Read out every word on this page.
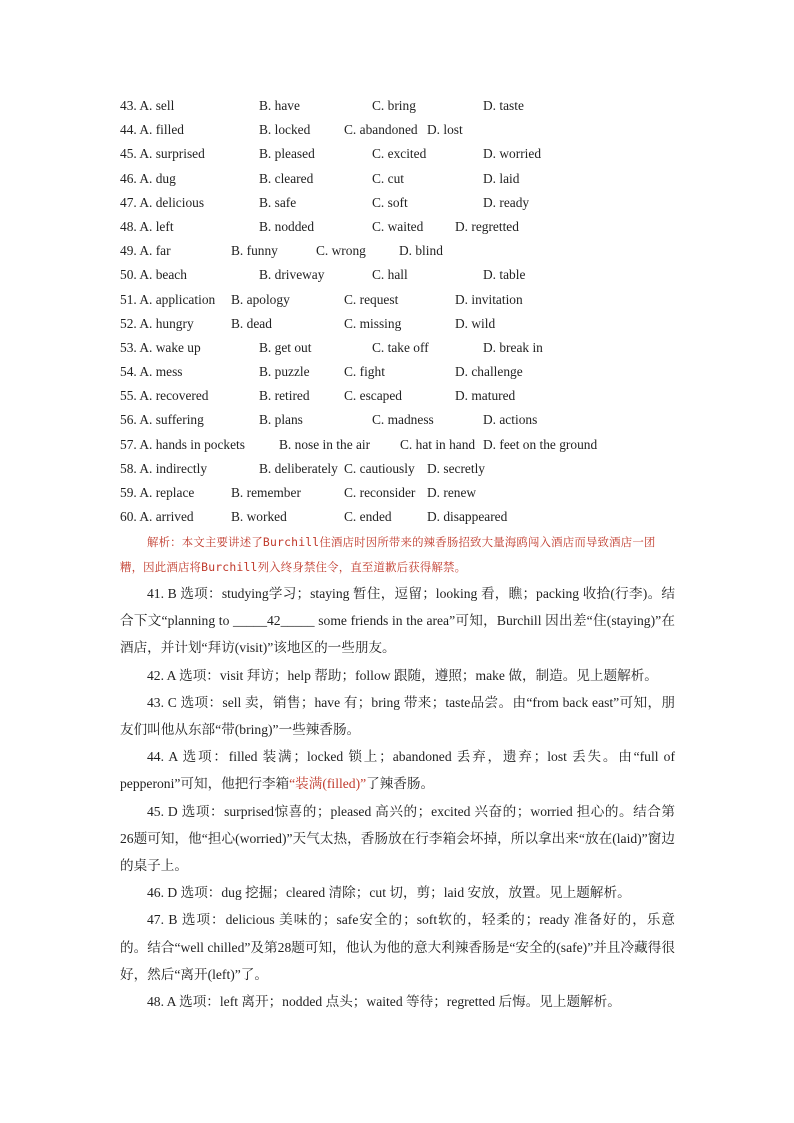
43. A. sell	B. have	C. bring	D. taste
44. A. filled	B. locked	C. abandoned D. lost
45. A. surprised	B. pleased	C. excited	D. worried
46. A. dug	B. cleared	C. cut	D. laid
47. A. delicious	B. safe	C. soft	D. ready
48. A. left	B. nodded	C. waited D. regretted
49. A. far	B. funny	C. wrong D. blind
50. A. beach	B. driveway	C. hall	D. table
51. A. application B. apology	C. request	D. invitation
52. A. hungry	B. dead	C. missing	D. wild
53. A. wake up	B. get out	C. take off	D. break in
54. A. mess	B. puzzle	C. fight	D. challenge
55. A. recovered	B. retired	C. escaped	D. matured
56. A. suffering	B. plans	C. madness	D. actions
57. A. hands in pockets	B. nose in the air C. hat in hand D. feet on the ground
58. A. indirectly	B. deliberately C. cautiously D. secretly
59. A. replace	B. remember	C. reconsider D. renew
60. A. arrived	B. worked	C. ended	D. disappeared
解析：本文主要讲述了Burchill住酒店时因所带来的辣香肠招致大量海鸥闯入酒店而导致酒店一团糟，因此酒店将Burchill列入终身禁住令，直至道歉后获得解禁。

41. B 选项：studying学习；staying 暂住，逗留；looking 看，瞧；packing 收拾(行李)。结合下文“planning to _____42_____ some friends in the area”可知，Burchill 因出差“住(staying)”在酒店，并计划“拜访(visit)”该地区的一些朋友。

42. A 选项：visit 拜访；help 帮助；follow 跟随，遵照；make 做，制造。见上题解析。

43. C 选项：sell 卖，销售；have 有；bring 带来；taste品尝。由“from back east”可知，朋友们叫他从东部“带(bring)”一些辣香肠。

44. A 选项：filled 装满；locked 锁上；abandoned 丢弃，遗弃；lost 丢失。由“full of pepperoni”可知，他把行李箱“装满(filled)”了辣香肠。

45. D 选项：surprised惊喜的；pleased 高兴的；excited 兴奋的；worried 担心的。结合第26题可知，他“担心(worried)”天气太热，香肠放在行李箱会坏掉，所以拿出来“放在(laid)”窗边的桌子上。

46. D 选项：dug 挖掘；cleared 清除；cut 切，剪；laid 安放，放置。见上题解析。

47. B 选项：delicious 美味的；safe安全的；soft软的，轻柔的；ready 准备好的，乐意的。结合“well chilled”及第28题可知，他认为他的意大利辣香肠是“安全的(safe)”并且冷藏得很好，然后“离开(left)”了。

48. A 选项：left 离开；nodded 点头；waited 等待；regretted 后悔。见上题解析。
